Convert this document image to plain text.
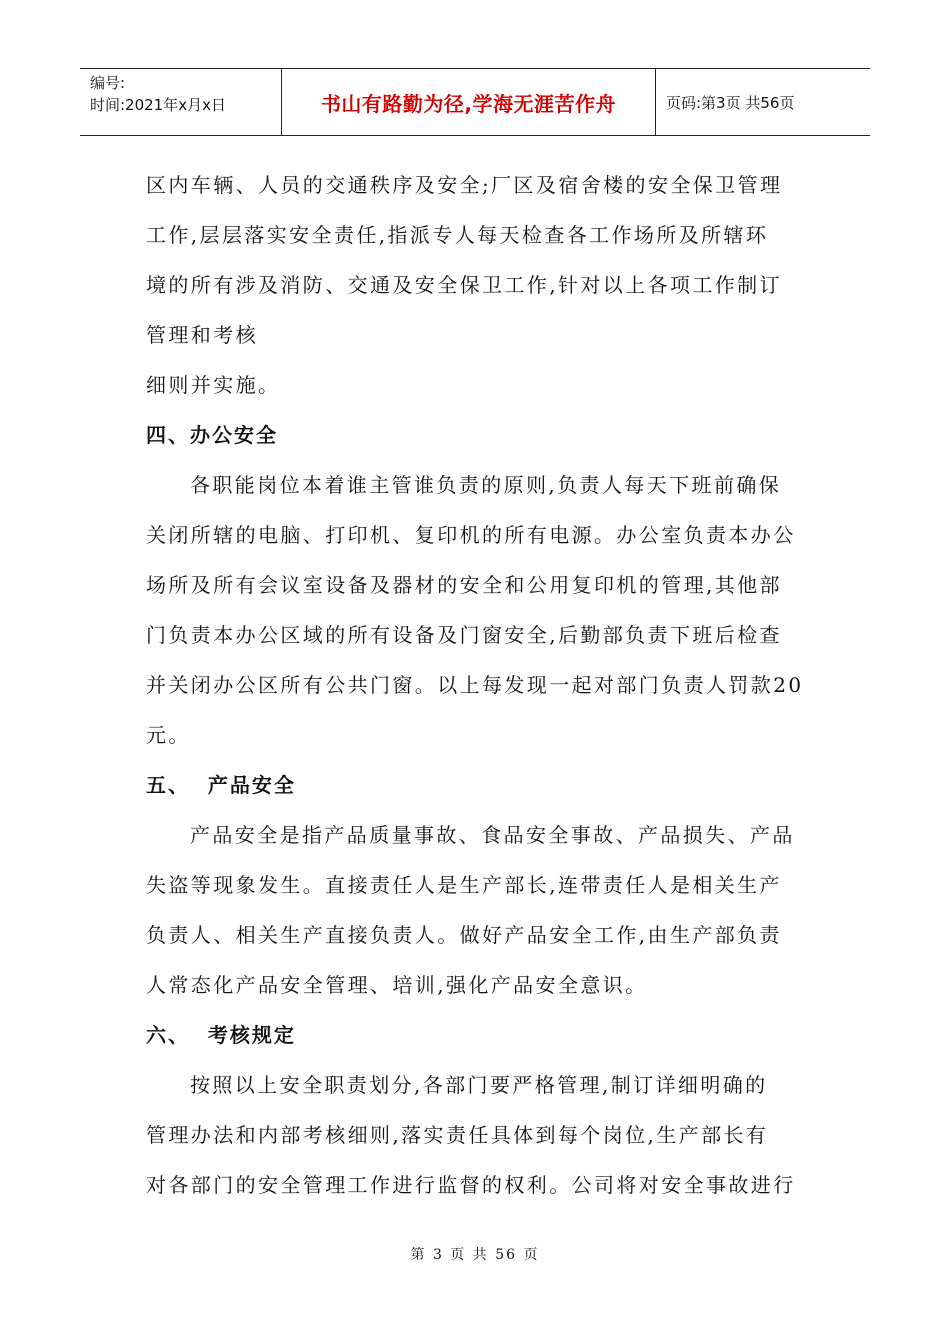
编号:
时间:2021年x月x日	书山有路勤为径,学海无涯苦作舟	页码:第3页 共56页

区内车辆、人员的交通秩序及安全;厂区及宿舍楼的安全保卫管理

工作,层层落实安全责任,指派专人每天检查各工作场所及所辖环

境的所有涉及消防、交通及安全保卫工作,针对以上各项工作制订

管理和考核

细则并实施。

四、办公安全

各职能岗位本着谁主管谁负责的原则,负责人每天下班前确保

关闭所辖的电脑、打印机、复印机的所有电源。办公室负责本办公

场所及所有会议室设备及器材的安全和公用复印机的管理,其他部

门负责本办公区域的所有设备及门窗安全,后勤部负责下班后检查

并关闭办公区所有公共门窗。以上每发现一起对部门负责人罚款20

元。

五、  产品安全

产品安全是指产品质量事故、食品安全事故、产品损失、产品

失盗等现象发生。直接责任人是生产部长,连带责任人是相关生产

负责人、相关生产直接负责人。做好产品安全工作,由生产部负责

人常态化产品安全管理、培训,强化产品安全意识。

六、  考核规定

按照以上安全职责划分,各部门要严格管理,制订详细明确的

管理办法和内部考核细则,落实责任具体到每个岗位,生产部长有

对各部门的安全管理工作进行监督的权利。公司将对安全事故进行

第 3 页 共 56 页
